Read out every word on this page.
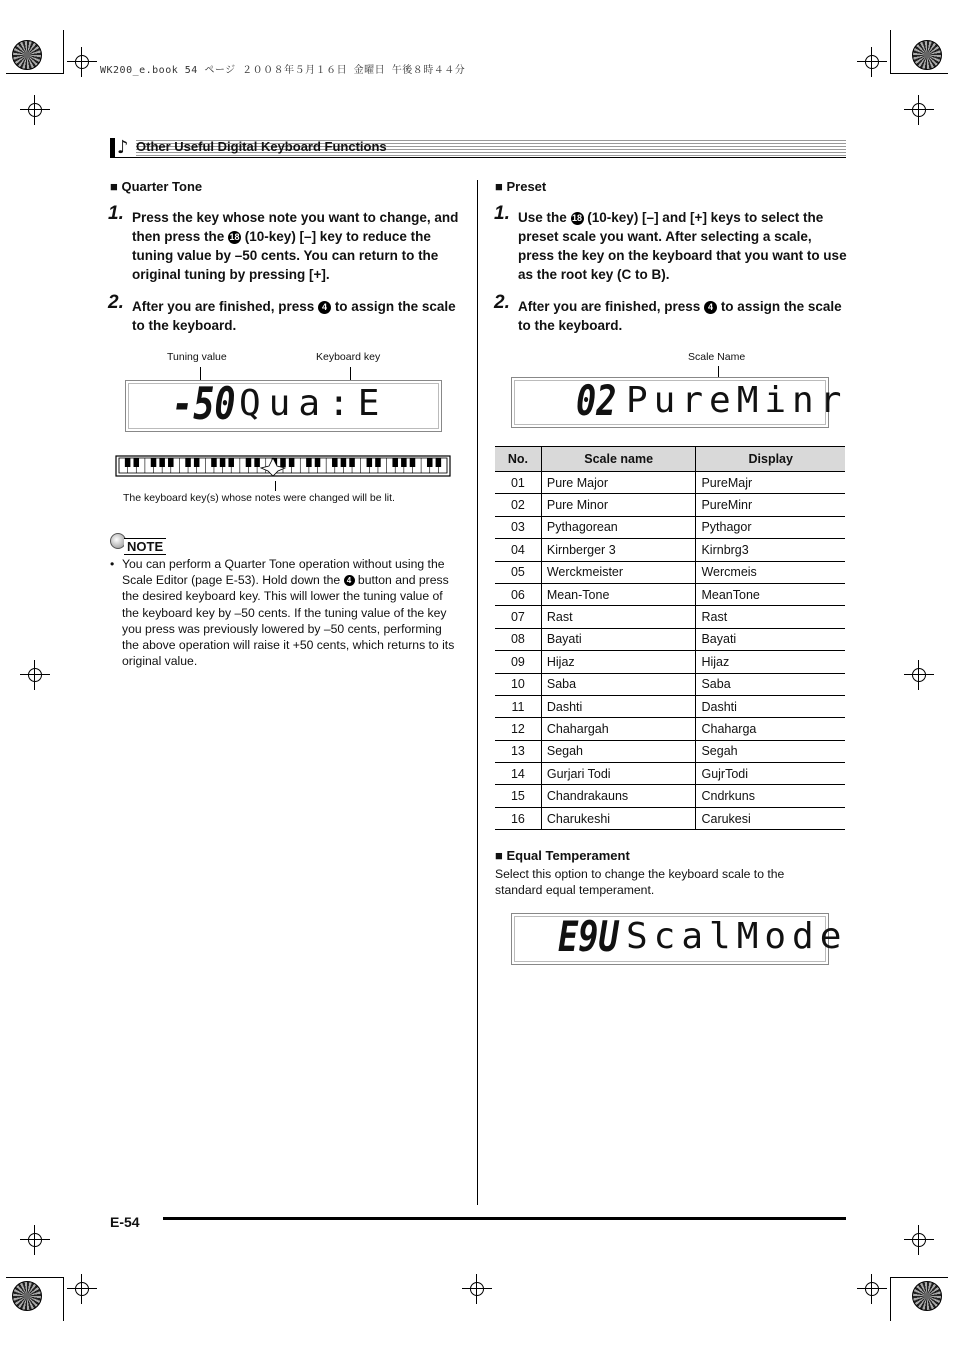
WK200_e.book 54 ページ ２００８年５月１６日 金曜日 午後８時４４分
♪ Other Useful Digital Keyboard Functions
■ Quarter Tone
1. Press the key whose note you want to change, and then press the 18 (10-key) [–] key to reduce the tuning value by –50 cents. You can return to the original tuning by pressing [+].
2. After you are finished, press 4 to assign the scale to the keyboard.
Tuning value	Keyboard key
-50 Qua:E
The keyboard key(s) whose notes were changed will be lit.
NOTE
• You can perform a Quarter Tone operation without using the Scale Editor (page E-53). Hold down the 4 button and press the desired keyboard key. This will lower the tuning value of the keyboard key by –50 cents. If the tuning value of the key you press was previously lowered by –50 cents, performing the above operation will raise it +50 cents, which returns to its original value.
■ Preset
1. Use the 18 (10-key) [–] and [+] keys to select the preset scale you want. After selecting a scale, press the key on the keyboard that you want to use as the root key (C to B).
2. After you are finished, press 4 to assign the scale to the keyboard.
Scale Name
02 PureMinr
No.	Scale name	Display
01	Pure Major	PureMajr
02	Pure Minor	PureMinr
03	Pythagorean	Pythagor
04	Kirnberger 3	Kirnbrg3
05	Werckmeister	Wercmeis
06	Mean-Tone	MeanTone
07	Rast	Rast
08	Bayati	Bayati
09	Hijaz	Hijaz
10	Saba	Saba
11	Dashti	Dashti
12	Chahargah	Chaharga
13	Segah	Segah
14	Gurjari Todi	GujrTodi
15	Chandrakauns	Cndrkuns
16	Charukeshi	Carukesi
■ Equal Temperament
Select this option to change the keyboard scale to the standard equal temperament.
E9U ScalMode
E-54
